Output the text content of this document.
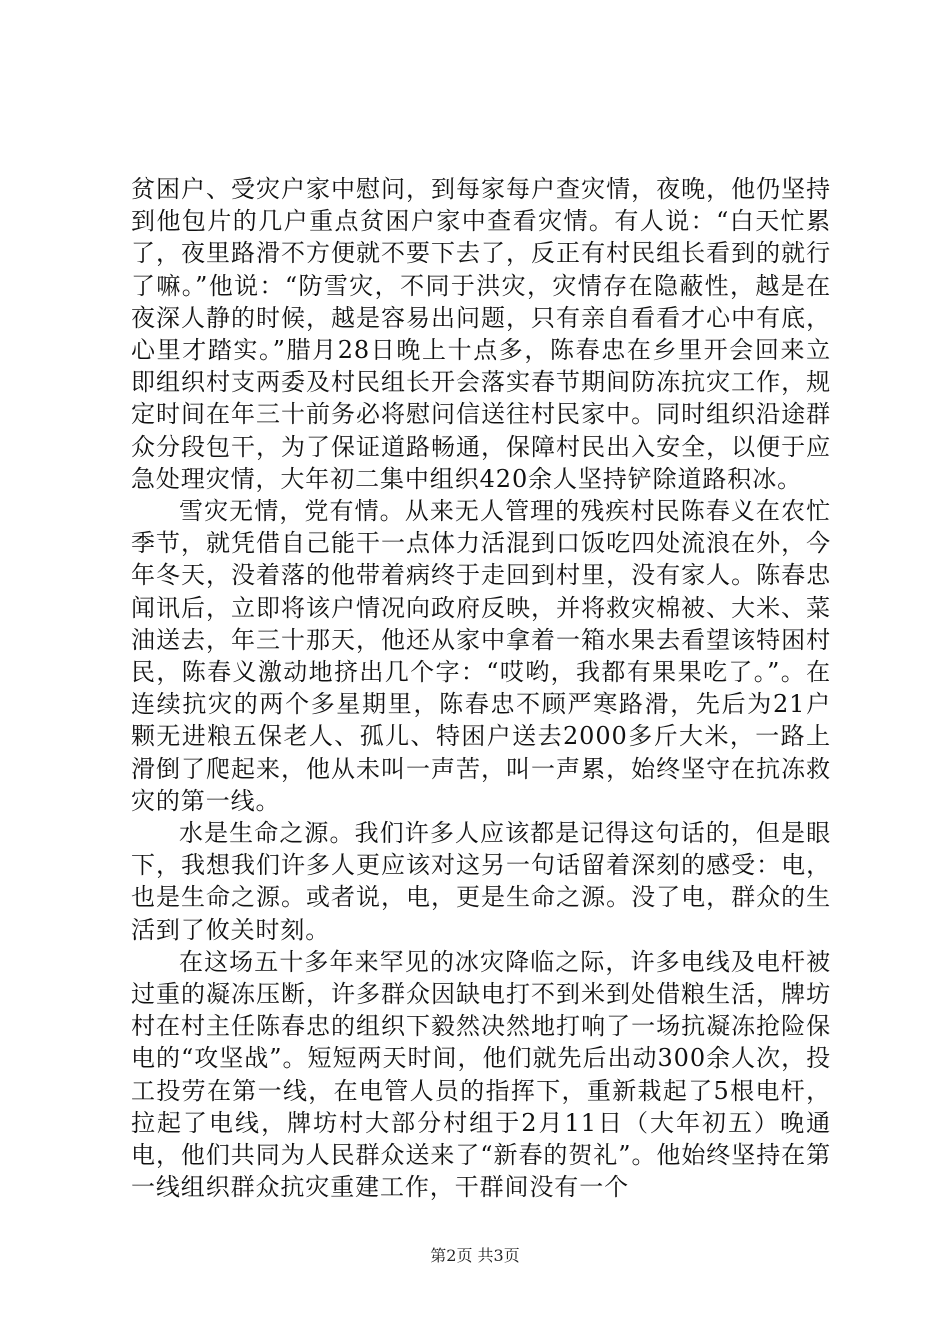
贫困户、受灾户家中慰问，到每家每户查灾情，夜晚，他仍坚持到他包片的几户重点贫困户家中查看灾情。有人说：“白天忙累了，夜里路滑不方便就不要下去了，反正有村民组长看到的就行了嘛。”他说：“防雪灾，不同于洪灾，灾情存在隐蔽性，越是在夜深人静的时候，越是容易出问题，只有亲自看看才心中有底，心里才踏实。”腊月28日晚上十点多，陈春忠在乡里开会回来立即组织村支两委及村民组长开会落实春节期间防冻抗灾工作，规定时间在年三十前务必将慰问信送往村民家中。同时组织沿途群众分段包干，为了保证道路畅通，保障村民出入安全，以便于应急处理灾情，大年初二集中组织420余人坚持铲除道路积冰。

雪灾无情，党有情。从来无人管理的残疾村民陈春义在农忙季节，就凭借自己能干一点体力活混到口饭吃四处流浪在外，今年冬天，没着落的他带着病终于走回到村里，没有家人。陈春忠闻讯后，立即将该户情况向政府反映，并将救灾棉被、大米、菜油送去，年三十那天，他还从家中拿着一箱水果去看望该特困村民，陈春义激动地挤出几个字：“哎哟，我都有果果吃了。”。在连续抗灾的两个多星期里，陈春忠不顾严寒路滑，先后为21户颗无进粮五保老人、孤儿、特困户送去2000多斤大米，一路上滑倒了爬起来，他从未叫一声苦，叫一声累，始终坚守在抗冻救灾的第一线。

水是生命之源。我们许多人应该都是记得这句话的，但是眼下，我想我们许多人更应该对这另一句话留着深刻的感受：电，也是生命之源。或者说，电，更是生命之源。没了电，群众的生活到了攸关时刻。

在这场五十多年来罕见的冰灾降临之际，许多电线及电杆被过重的凝冻压断，许多群众因缺电打不到米到处借粮生活，牌坊村在村主任陈春忠的组织下毅然决然地打响了一场抗凝冻抢险保电的“攻坚战”。短短两天时间，他们就先后出动300余人次，投工投劳在第一线，在电管人员的指挥下，重新栽起了5根电杆，拉起了电线，牌坊村大部分村组于2月11日（大年初五）晚通电，他们共同为人民群众送来了“新春的贺礼”。他始终坚持在第一线组织群众抗灾重建工作，干群间没有一个

第2页 共3页
